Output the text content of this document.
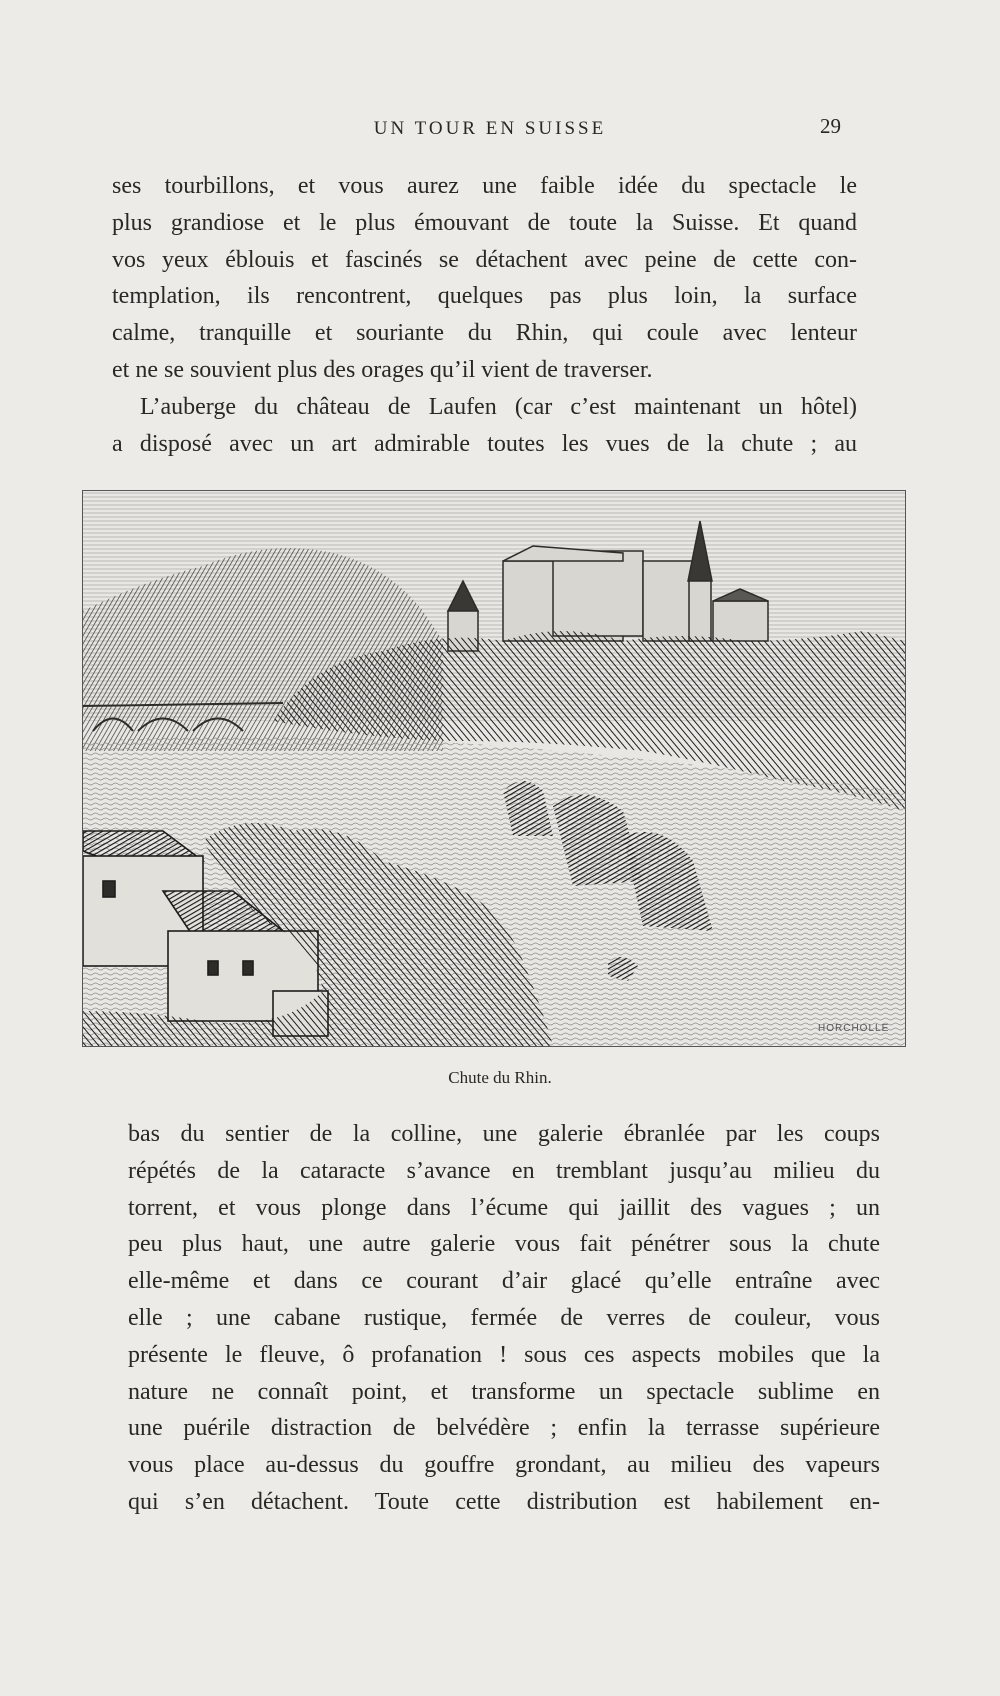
UN TOUR EN SUISSE	29
ses tourbillons, et vous aurez une faible idée du spectacle le
plus grandiose et le plus émouvant de toute la Suisse. Et quand
vos yeux éblouis et fascinés se détachent avec peine de cette con-
templation, ils rencontrent, quelques pas plus loin, la surface
calme, tranquille et souriante du Rhin, qui coule avec lenteur
et ne se souvient plus des orages qu’il vient de traverser.
L’auberge du château de Laufen (car c’est maintenant un hôtel)
a disposé avec un art admirable toutes les vues de la chute ; au
HORCHOLLE
Chute du Rhin.
bas du sentier de la colline, une galerie ébranlée par les coups
répétés de la cataracte s’avance en tremblant jusqu’au milieu du
torrent, et vous plonge dans l’écume qui jaillit des vagues ; un
peu plus haut, une autre galerie vous fait pénétrer sous la chute
elle-même et dans ce courant d’air glacé qu’elle entraîne avec
elle ; une cabane rustique, fermée de verres de couleur, vous
présente le fleuve, ô profanation ! sous ces aspects mobiles que la
nature ne connaît point, et transforme un spectacle sublime en
une puérile distraction de belvédère ; enfin la terrasse supérieure
vous place au-dessus du gouffre grondant, au milieu des vapeurs
qui s’en détachent. Toute cette distribution est habilement en-
